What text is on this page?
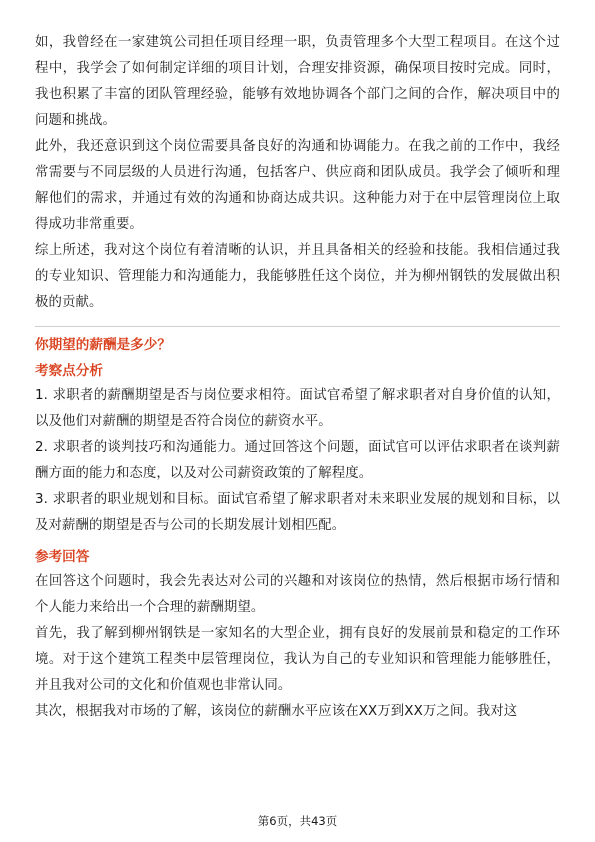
如，我曾经在一家建筑公司担任项目经理一职，负责管理多个大型工程项目。在这个过程中，我学会了如何制定详细的项目计划，合理安排资源，确保项目按时完成。同时，我也积累了丰富的团队管理经验，能够有效地协调各个部门之间的合作，解决项目中的问题和挑战。

此外，我还意识到这个岗位需要具备良好的沟通和协调能力。在我之前的工作中，我经常需要与不同层级的人员进行沟通，包括客户、供应商和团队成员。我学会了倾听和理解他们的需求，并通过有效的沟通和协商达成共识。这种能力对于在中层管理岗位上取得成功非常重要。

综上所述，我对这个岗位有着清晰的认识，并且具备相关的经验和技能。我相信通过我的专业知识、管理能力和沟通能力，我能够胜任这个岗位，并为柳州钢铁的发展做出积极的贡献。

你期望的薪酬是多少？
考察点分析

1. 求职者的薪酬期望是否与岗位要求相符。面试官希望了解求职者对自身价值的认知，以及他们对薪酬的期望是否符合岗位的薪资水平。

2. 求职者的谈判技巧和沟通能力。通过回答这个问题，面试官可以评估求职者在谈判薪酬方面的能力和态度，以及对公司薪资政策的了解程度。

3. 求职者的职业规划和目标。面试官希望了解求职者对未来职业发展的规划和目标，以及对薪酬的期望是否与公司的长期发展计划相匹配。

参考回答

在回答这个问题时，我会先表达对公司的兴趣和对该岗位的热情，然后根据市场行情和个人能力来给出一个合理的薪酬期望。

首先，我了解到柳州钢铁是一家知名的大型企业，拥有良好的发展前景和稳定的工作环境。对于这个建筑工程类中层管理岗位，我认为自己的专业知识和管理能力能够胜任，并且我对公司的文化和价值观也非常认同。

其次，根据我对市场的了解，该岗位的薪酬水平应该在XX万到XX万之间。我对这

第6页，共43页
